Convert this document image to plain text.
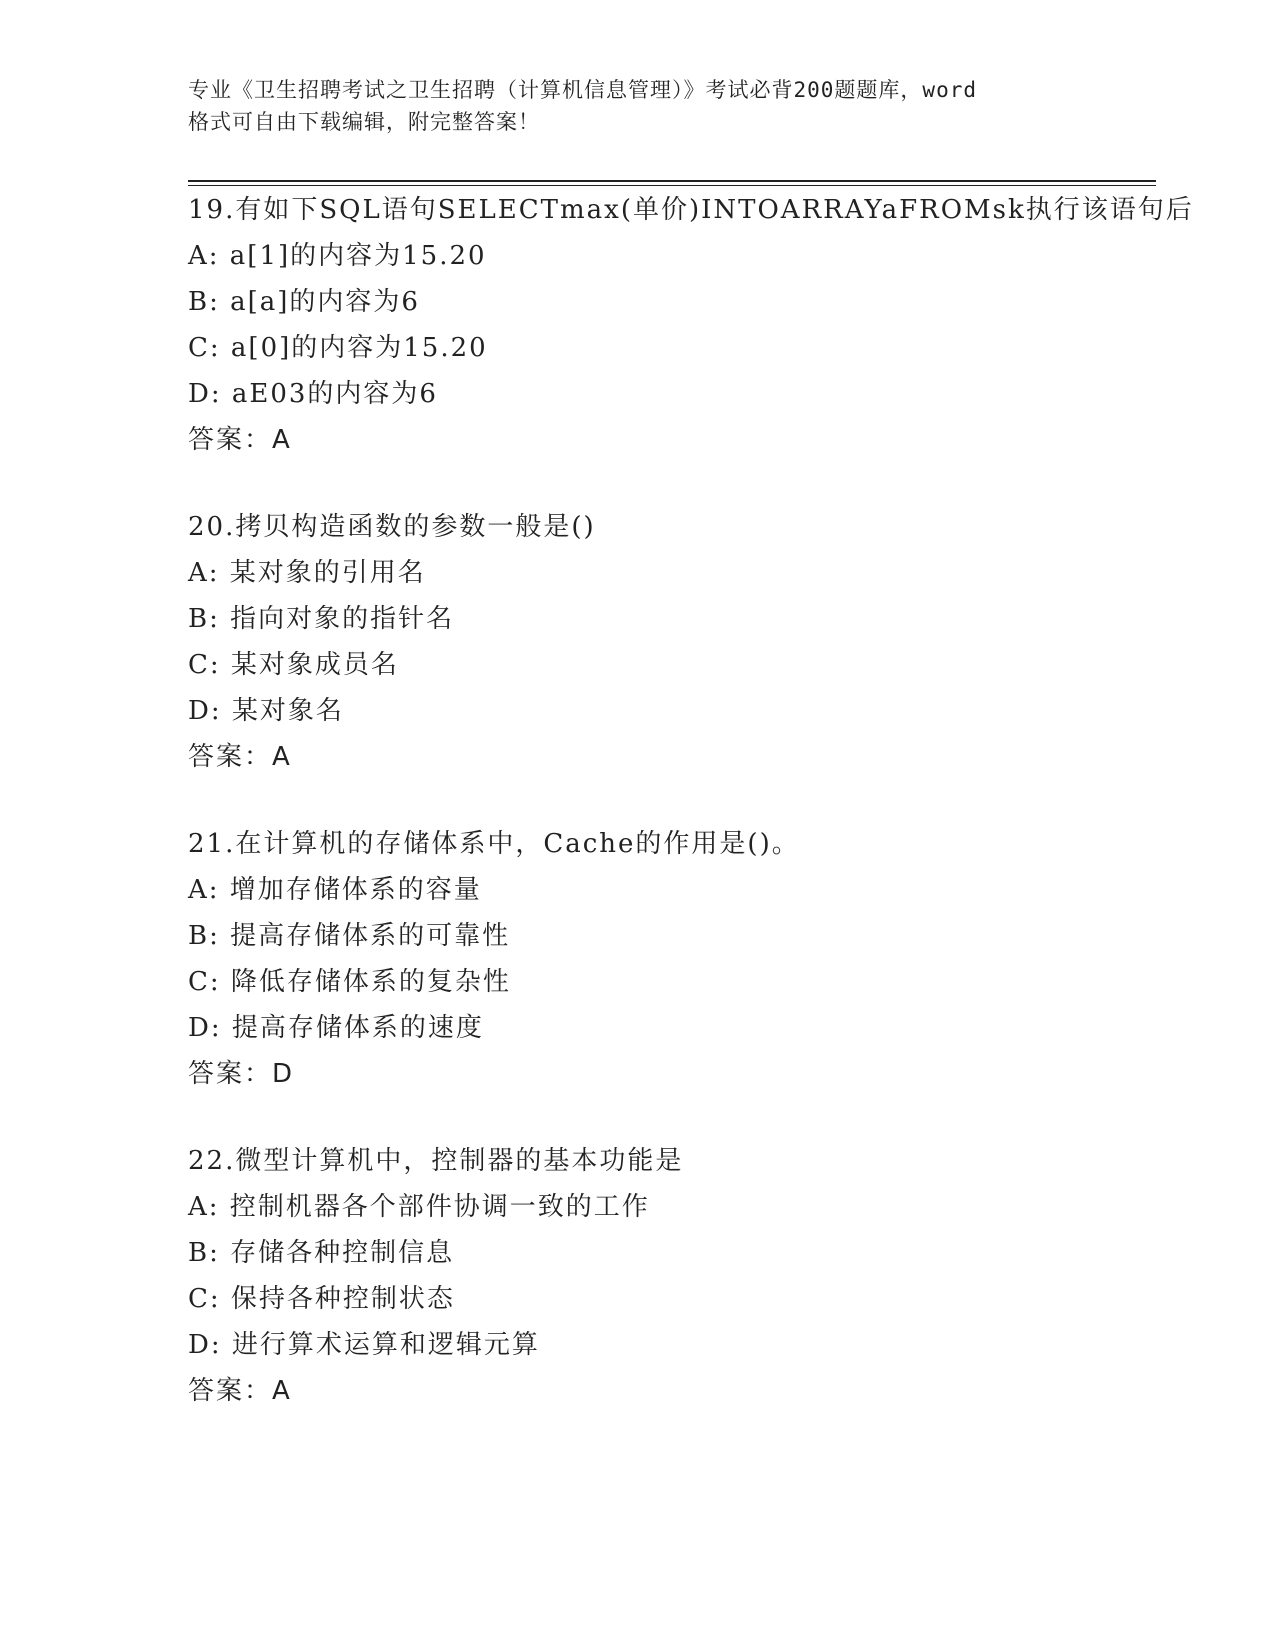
专业《卫生招聘考试之卫生招聘（计算机信息管理）》考试必背200题题库，word
格式可自由下载编辑，附完整答案！
19.有如下SQL语句SELECTmax(单价)INTOARRAYaFROMsk执行该语句后
A: a[1]的内容为15.20
B: a[a]的内容为6
C: a[0]的内容为15.20
D: aE03的内容为6
答案：A
20.拷贝构造函数的参数一般是()
A: 某对象的引用名
B: 指向对象的指针名
C: 某对象成员名
D: 某对象名
答案：A
21.在计算机的存储体系中，Cache的作用是()。
A: 增加存储体系的容量
B: 提高存储体系的可靠性
C: 降低存储体系的复杂性
D: 提高存储体系的速度
答案：D
22.微型计算机中，控制器的基本功能是
A: 控制机器各个部件协调一致的工作
B: 存储各种控制信息
C: 保持各种控制状态
D: 进行算术运算和逻辑元算
答案：A
